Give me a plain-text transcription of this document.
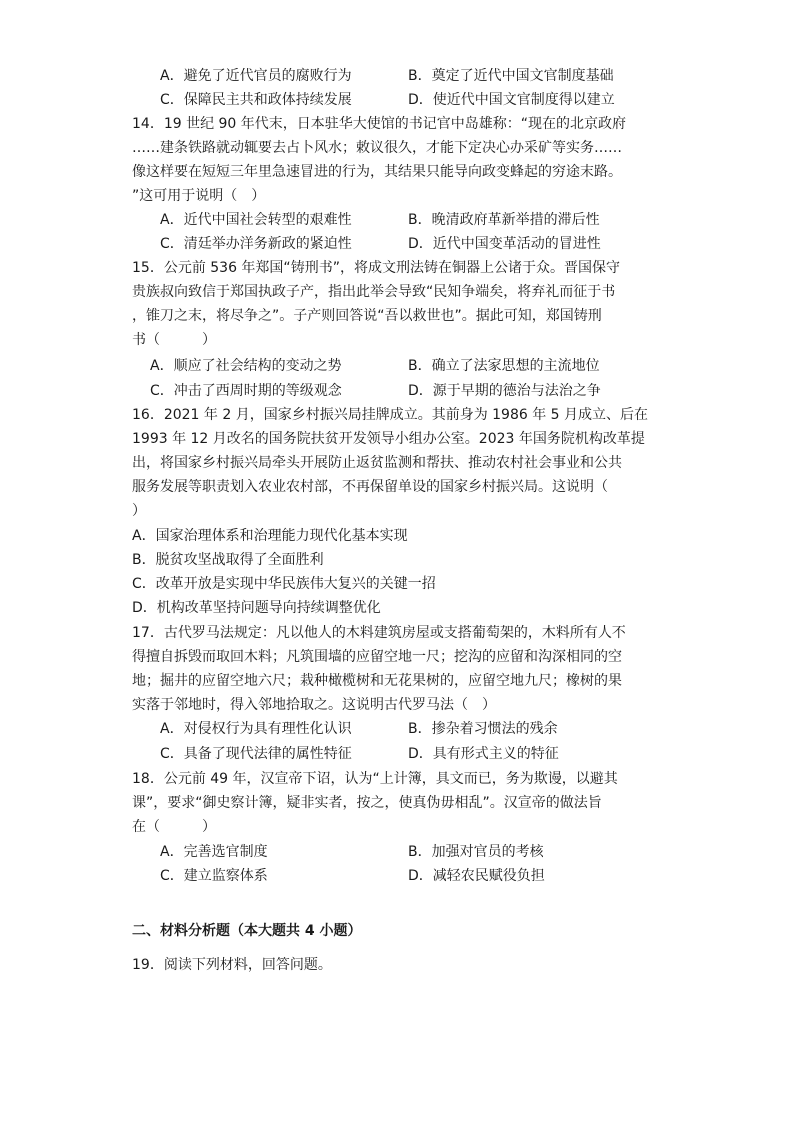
A．避免了近代官员的腐败行为	B．奠定了近代中国文官制度基础
C．保障民主共和政体持续发展	D．使近代中国文官制度得以建立
14．19 世纪 90 年代末，日本驻华大使馆的书记官中岛雄称：“现在的北京政府
……建条铁路就动辄要去占卜风水；敕议很久，才能下定决心办采矿等实务……
像这样要在短短三年里急速冒进的行为，其结果只能导向政变蜂起的穷途末路。
”这可用于说明（　）
A．近代中国社会转型的艰难性	B．晚清政府革新举措的滞后性
C．清廷举办洋务新政的紧迫性	D．近代中国变革活动的冒进性
15．公元前 536 年郑国“铸刑书”，将成文刑法铸在铜器上公诸于众。晋国保守
贵族叔向致信于郑国执政子产，指出此举会导致“民知争端矣，将弃礼而征于书
，锥刀之末，将尽争之”。子产则回答说“吾以救世也”。据此可知，郑国铸刑
书（　　　）
A．顺应了社会结构的变动之势	B．确立了法家思想的主流地位
C．冲击了西周时期的等级观念	D．源于早期的德治与法治之争
16．2021 年 2 月，国家乡村振兴局挂牌成立。其前身为 1986 年 5 月成立、后在
1993 年 12 月改名的国务院扶贫开发领导小组办公室。2023 年国务院机构改革提
出，将国家乡村振兴局牵头开展防止返贫监测和帮扶、推动农村社会事业和公共
服务发展等职责划入农业农村部，不再保留单设的国家乡村振兴局。这说明（
）
A．国家治理体系和治理能力现代化基本实现
B．脱贫攻坚战取得了全面胜利
C．改革开放是实现中华民族伟大复兴的关键一招
D．机构改革坚持问题导向持续调整优化
17．古代罗马法规定：凡以他人的木料建筑房屋或支搭葡萄架的，木料所有人不
得擅自拆毁而取回木料；凡筑围墙的应留空地一尺；挖沟的应留和沟深相同的空
地；掘井的应留空地六尺；栽种橄榄树和无花果树的，应留空地九尺；橡树的果
实落于邻地时，得入邻地拾取之。这说明古代罗马法（　）
A．对侵权行为具有理性化认识	B．掺杂着习惯法的残余
C．具备了现代法律的属性特征	D．具有形式主义的特征
18．公元前 49 年，汉宣帝下诏，认为“上计簿，具文而已，务为欺谩，以避其
课”，要求“御史察计簿，疑非实者，按之，使真伪毋相乱”。汉宣帝的做法旨
在（　　　）
A．完善选官制度	B．加强对官员的考核
C．建立监察体系	D．减轻农民赋役负担
二、材料分析题（本大题共 4 小题）
19．阅读下列材料，回答问题。
